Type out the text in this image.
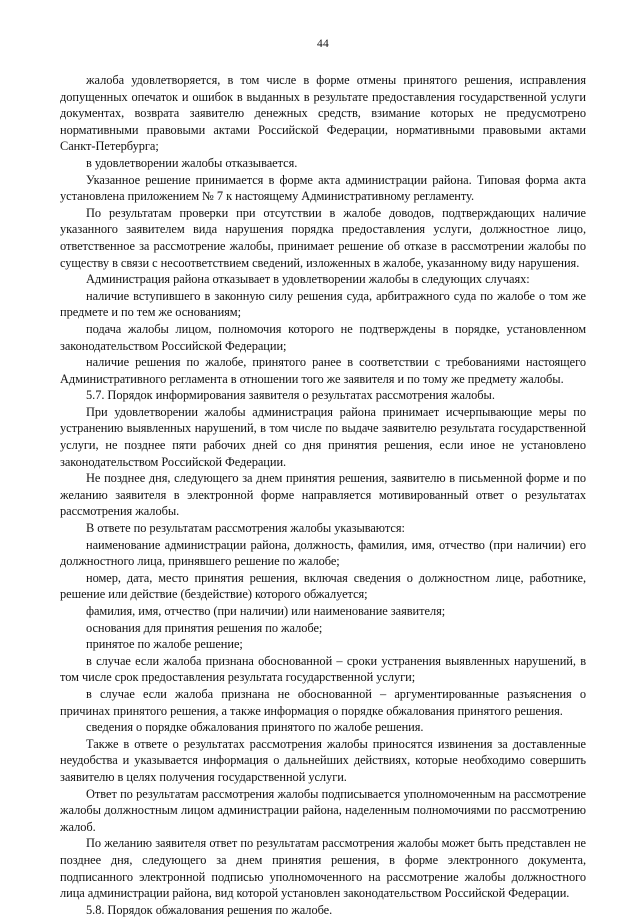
44

жалоба удовлетворяется, в том числе в форме отмены принятого решения, исправления допущенных опечаток и ошибок в выданных в результате предоставления государственной услуги документах, возврата заявителю денежных средств, взимание которых не предусмотрено нормативными правовыми актами Российской Федерации, нормативными правовыми актами Санкт-Петербурга;

в удовлетворении жалобы отказывается.

Указанное решение принимается в форме акта администрации района. Типовая форма акта установлена приложением № 7 к настоящему Административному регламенту.

По результатам проверки при отсутствии в жалобе доводов, подтверждающих наличие указанного заявителем вида нарушения порядка предоставления услуги, должностное лицо, ответственное за рассмотрение жалобы, принимает решение об отказе в рассмотрении жалобы по существу в связи с несоответствием сведений, изложенных в жалобе, указанному виду нарушения.

Администрация района отказывает в удовлетворении жалобы в следующих случаях:

наличие вступившего в законную силу решения суда, арбитражного суда по жалобе о том же предмете и по тем же основаниям;

подача жалобы лицом, полномочия которого не подтверждены в порядке, установленном законодательством Российской Федерации;

наличие решения по жалобе, принятого ранее в соответствии с требованиями настоящего Административного регламента в отношении того же заявителя и по тому же предмету жалобы.

5.7. Порядок информирования заявителя о результатах рассмотрения жалобы.

При удовлетворении жалобы администрация района принимает исчерпывающие меры по устранению выявленных нарушений, в том числе по выдаче заявителю результата государственной услуги, не позднее пяти рабочих дней со дня принятия решения, если иное не установлено законодательством Российской Федерации.

Не позднее дня, следующего за днем принятия решения, заявителю в письменной форме и по желанию заявителя в электронной форме направляется мотивированный ответ о результатах рассмотрения жалобы.

В ответе по результатам рассмотрения жалобы указываются:

наименование администрации района, должность, фамилия, имя, отчество (при наличии) его должностного лица, принявшего решение по жалобе;

номер, дата, место принятия решения, включая сведения о должностном лице, работнике, решение или действие (бездействие) которого обжалуется;

фамилия, имя, отчество (при наличии) или наименование заявителя;

основания для принятия решения по жалобе;

принятое по жалобе решение;

в случае если жалоба признана обоснованной – сроки устранения выявленных нарушений, в том числе срок предоставления результата государственной услуги;

в случае если жалоба признана не обоснованной – аргументированные разъяснения о причинах принятого решения, а также информация о порядке обжалования принятого решения.

сведения о порядке обжалования принятого по жалобе решения.

Также в ответе о результатах рассмотрения жалобы приносятся извинения за доставленные неудобства и указывается информация о дальнейших действиях, которые необходимо совершить заявителю в целях получения государственной услуги.

Ответ по результатам рассмотрения жалобы подписывается уполномоченным на рассмотрение жалобы должностным лицом администрации района, наделенным полномочиями по рассмотрению жалоб.

По желанию заявителя ответ по результатам рассмотрения жалобы может быть представлен не позднее дня, следующего за днем принятия решения, в форме электронного документа, подписанного электронной подписью уполномоченного на рассмотрение жалобы должностного лица администрации района, вид которой установлен законодательством Российской Федерации.

5.8. Порядок обжалования решения по жалобе.
